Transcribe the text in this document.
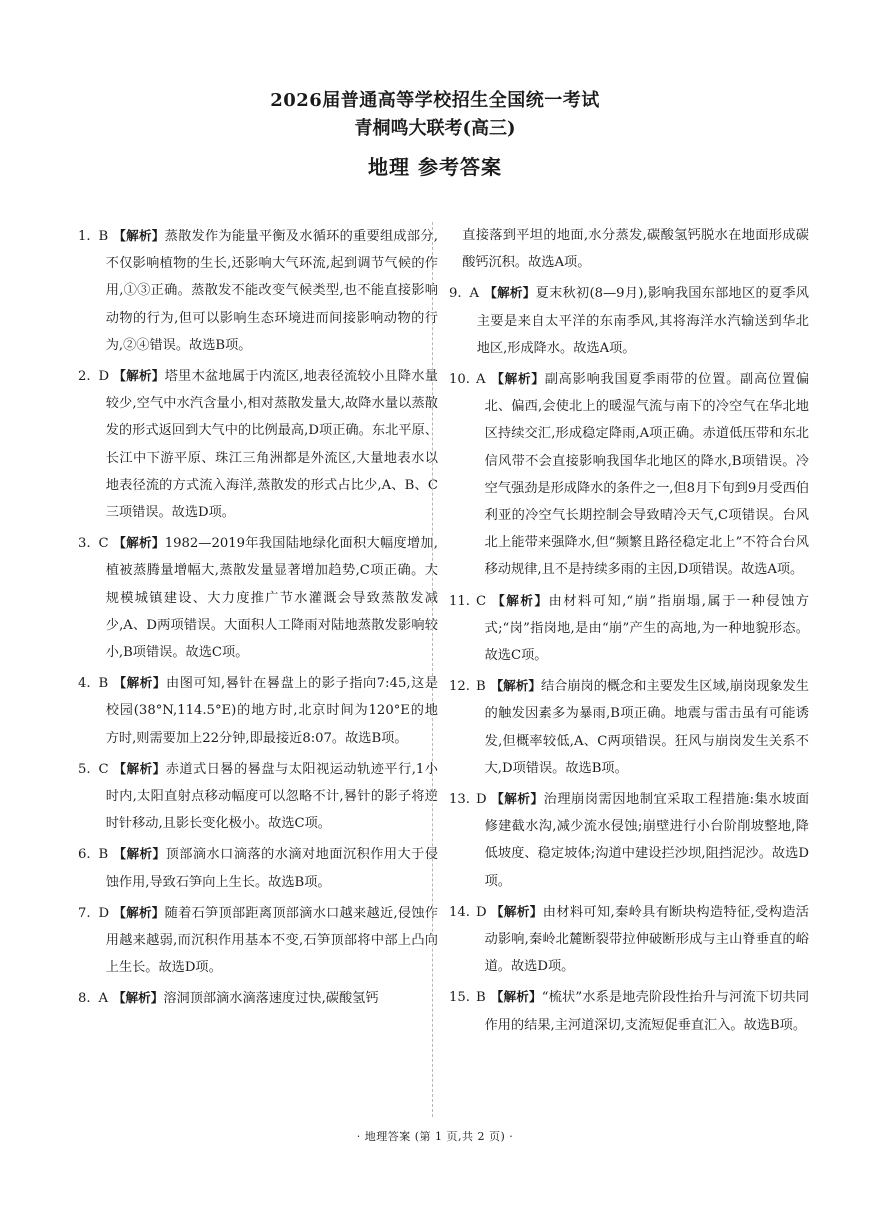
2026届普通高等学校招生全国统一考试
青桐鸣大联考(高三)
地理 参考答案
1. B  【解析】蒸散发作为能量平衡及水循环的重要组成部分,不仅影响植物的生长,还影响大气环流,起到调节气候的作用,①③正确。蒸散发不能改变气候类型,也不能直接影响动物的行为,但可以影响生态环境进而间接影响动物的行为,②④错误。故选B项。
2. D  【解析】塔里木盆地属于内流区,地表径流较小且降水量较少,空气中水汽含量小,相对蒸散发量大,故降水量以蒸散发的形式返回到大气中的比例最高,D项正确。东北平原、长江中下游平原、珠江三角洲都是外流区,大量地表水以地表径流的方式流入海洋,蒸散发的形式占比少,A、B、C三项错误。故选D项。
3. C  【解析】1982—2019年我国陆地绿化面积大幅度增加,植被蒸腾量增幅大,蒸散发量显著增加趋势,C项正确。大规模城镇建设、大力度推广节水灌溉会导致蒸散发减少,A、D两项错误。大面积人工降雨对陆地蒸散发影响较小,B项错误。故选C项。
4. B  【解析】由图可知,晷针在晷盘上的影子指向7:45,这是校园(38°N,114.5°E)的地方时,北京时间为120°E的地方时,则需要加上22分钟,即最接近8:07。故选B项。
5. C  【解析】赤道式日晷的晷盘与太阳视运动轨迹平行,1小时内,太阳直射点移动幅度可以忽略不计,晷针的影子将逆时针移动,且影长变化极小。故选C项。
6. B  【解析】顶部滴水口滴落的水滴对地面沉积作用大于侵蚀作用,导致石笋向上生长。故选B项。
7. D  【解析】随着石笋顶部距离顶部滴水口越来越近,侵蚀作用越来越弱,而沉积作用基本不变,石笋顶部将中部上凸向上生长。故选D项。
8. A  【解析】溶洞顶部滴水滴落速度过快,碳酸氢钙
直接落到平坦的地面,水分蒸发,碳酸氢钙脱水在地面形成碳酸钙沉积。故选A项。
9. A  【解析】夏末秋初(8—9月),影响我国东部地区的夏季风主要是来自太平洋的东南季风,其将海洋水汽输送到华北地区,形成降水。故选A项。
10. A  【解析】副高影响我国夏季雨带的位置。副高位置偏北、偏西,会使北上的暖湿气流与南下的冷空气在华北地区持续交汇,形成稳定降雨,A项正确。赤道低压带和东北信风带不会直接影响我国华北地区的降水,B项错误。冷空气强劲是形成降水的条件之一,但8月下旬到9月受西伯利亚的冷空气长期控制会导致晴冷天气,C项错误。台风北上能带来强降水,但“频繁且路径稳定北上”不符合台风移动规律,且不是持续多雨的主因,D项错误。故选A项。
11. C  【解析】由材料可知,“崩”指崩塌,属于一种侵蚀方式;“岗”指岗地,是由“崩”产生的高地,为一种地貌形态。故选C项。
12. B  【解析】结合崩岗的概念和主要发生区域,崩岗现象发生的触发因素多为暴雨,B项正确。地震与雷击虽有可能诱发,但概率较低,A、C两项错误。狂风与崩岗发生关系不大,D项错误。故选B项。
13. D  【解析】治理崩岗需因地制宜采取工程措施:集水坡面修建截水沟,减少流水侵蚀;崩壁进行小台阶削坡整地,降低坡度、稳定坡体;沟道中建设拦沙坝,阻挡泥沙。故选D项。
14. D  【解析】由材料可知,秦岭具有断块构造特征,受构造活动影响,秦岭北麓断裂带拉伸破断形成与主山脊垂直的峪道。故选D项。
15. B  【解析】“梳状”水系是地壳阶段性抬升与河流下切共同作用的结果,主河道深切,支流短促垂直汇入。故选B项。
· 地理答案 (第 1 页,共 2 页) ·
